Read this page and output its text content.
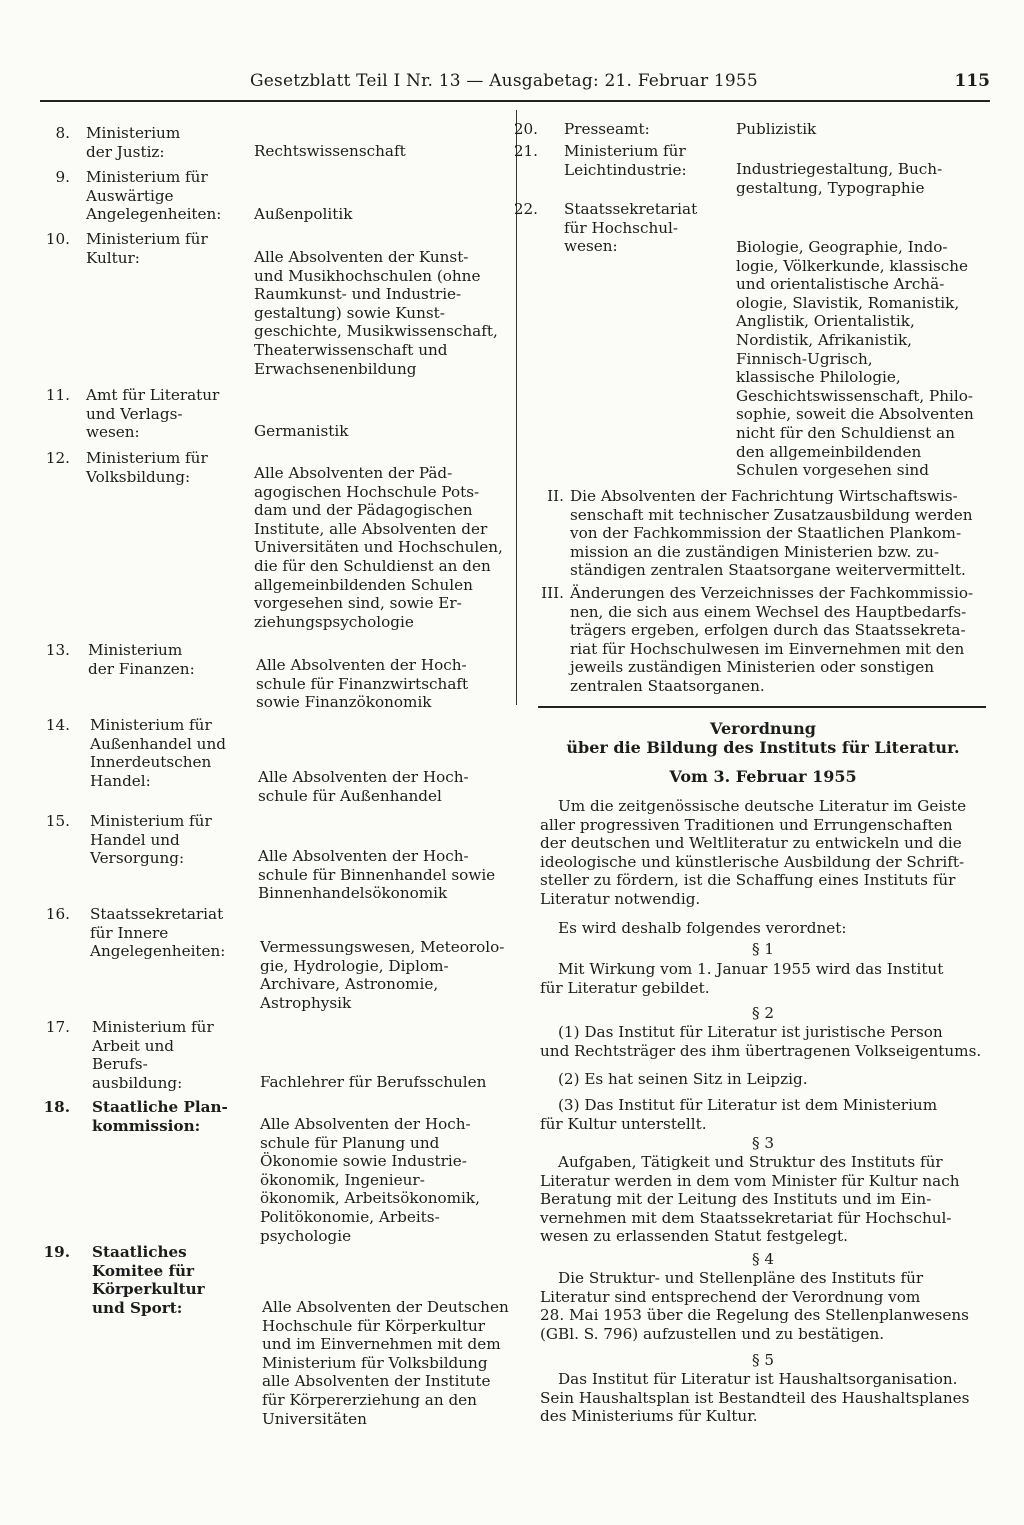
Gesetzblatt Teil I Nr. 13 — Ausgabetag: 21. Februar 1955	115
8. Ministerium
der Justiz:	Rechtswissenschaft
9. Ministerium für
Auswärtige
Angelegenheiten:	Außenpolitik
10. Ministerium für
Kultur:	Alle Absolventen der Kunst-
und Musikhochschulen (ohne
Raumkunst- und Industrie-
gestaltung) sowie Kunst-
geschichte, Musikwissenschaft,
Theaterwissenschaft und
Erwachsenenbildung
11. Amt für Literatur
und Verlags-
wesen:	Germanistik
12. Ministerium für
Volksbildung:	Alle Absolventen der Päd-
agogischen Hochschule Pots-
dam und der Pädagogischen
Institute, alle Absolventen der
Universitäten und Hochschulen,
die für den Schuldienst an den
allgemeinbildenden Schulen
vorgesehen sind, sowie Er-
ziehungspsychologie
13. Ministerium
der Finanzen:	Alle Absolventen der Hoch-
schule für Finanzwirtschaft
sowie Finanzökonomik
14. Ministerium für
Außenhandel und
Innerdeutschen
Handel:	Alle Absolventen der Hoch-
schule für Außenhandel
15. Ministerium für
Handel und
Versorgung:	Alle Absolventen der Hoch-
schule für Binnenhandel sowie
Binnenhandelsökonomik
16. Staatssekretariat
für Innere
Angelegenheiten:	Vermessungswesen, Meteorolo-
gie, Hydrologie, Diplom-
Archivare, Astronomie,
Astrophysik
17. Ministerium für
Arbeit und
Berufs-
ausbildung:	Fachlehrer für Berufsschulen
18. Staatliche Plan-
kommission:	Alle Absolventen der Hoch-
schule für Planung und
Ökonomie sowie Industrie-
ökonomik, Ingenieur-
ökonomik, Arbeitsökonomik,
Politökonomie, Arbeits-
psychologie
19. Staatliches
Komitee für
Körperkultur
und Sport:	Alle Absolventen der Deutschen
Hochschule für Körperkultur
und im Einvernehmen mit dem
Ministerium für Volksbildung
alle Absolventen der Institute
für Körpererziehung an den
Universitäten
20. Presseamt:	Publizistik
21. Ministerium für
Leichtindustrie:	Industriegestaltung, Buch-
gestaltung, Typographie
22. Staatssekretariat
für Hochschul-
wesen:	Biologie, Geographie, Indo-
logie, Völkerkunde, klassische
und orientalistische Archä-
ologie, Slavistik, Romanistik,
Anglistik, Orientalistik,
Nordistik, Afrikanistik,
Finnisch-Ugrisch,
klassische Philologie,
Geschichtswissenschaft, Philo-
sophie, soweit die Absolventen
nicht für den Schuldienst an
den allgemeinbildenden
Schulen vorgesehen sind
II. Die Absolventen der Fachrichtung Wirtschaftswis-
senschaft mit technischer Zusatzausbildung werden
von der Fachkommission der Staatlichen Plankom-
mission an die zuständigen Ministerien bzw. zu-
ständigen zentralen Staatsorgane weitervermittelt.
III. Änderungen des Verzeichnisses der Fachkommissio-
nen, die sich aus einem Wechsel des Hauptbedarfs-
trägers ergeben, erfolgen durch das Staatssekreta-
riat für Hochschulwesen im Einvernehmen mit den
jeweils zuständigen Ministerien oder sonstigen
zentralen Staatsorganen.
Verordnung
über die Bildung des Instituts für Literatur.
Vom 3. Februar 1955
Um die zeitgenössische deutsche Literatur im Geiste
aller progressiven Traditionen und Errungenschaften
der deutschen und Weltliteratur zu entwickeln und die
ideologische und künstlerische Ausbildung der Schrift-
steller zu fördern, ist die Schaffung eines Instituts für
Literatur notwendig.
Es wird deshalb folgendes verordnet:
§ 1
Mit Wirkung vom 1. Januar 1955 wird das Institut
für Literatur gebildet.
§ 2
(1) Das Institut für Literatur ist juristische Person
und Rechtsträger des ihm übertragenen Volkseigentums.
(2) Es hat seinen Sitz in Leipzig.
(3) Das Institut für Literatur ist dem Ministerium
für Kultur unterstellt.
§ 3
Aufgaben, Tätigkeit und Struktur des Instituts für
Literatur werden in dem vom Minister für Kultur nach
Beratung mit der Leitung des Instituts und im Ein-
vernehmen mit dem Staatssekretariat für Hochschul-
wesen zu erlassenden Statut festgelegt.
§ 4
Die Struktur- und Stellenpläne des Instituts für
Literatur sind entsprechend der Verordnung vom
28. Mai 1953 über die Regelung des Stellenplanwesens
(GBl. S. 796) aufzustellen und zu bestätigen.
§ 5
Das Institut für Literatur ist Haushaltsorganisation.
Sein Haushaltsplan ist Bestandteil des Haushaltsplanes
des Ministeriums für Kultur.
